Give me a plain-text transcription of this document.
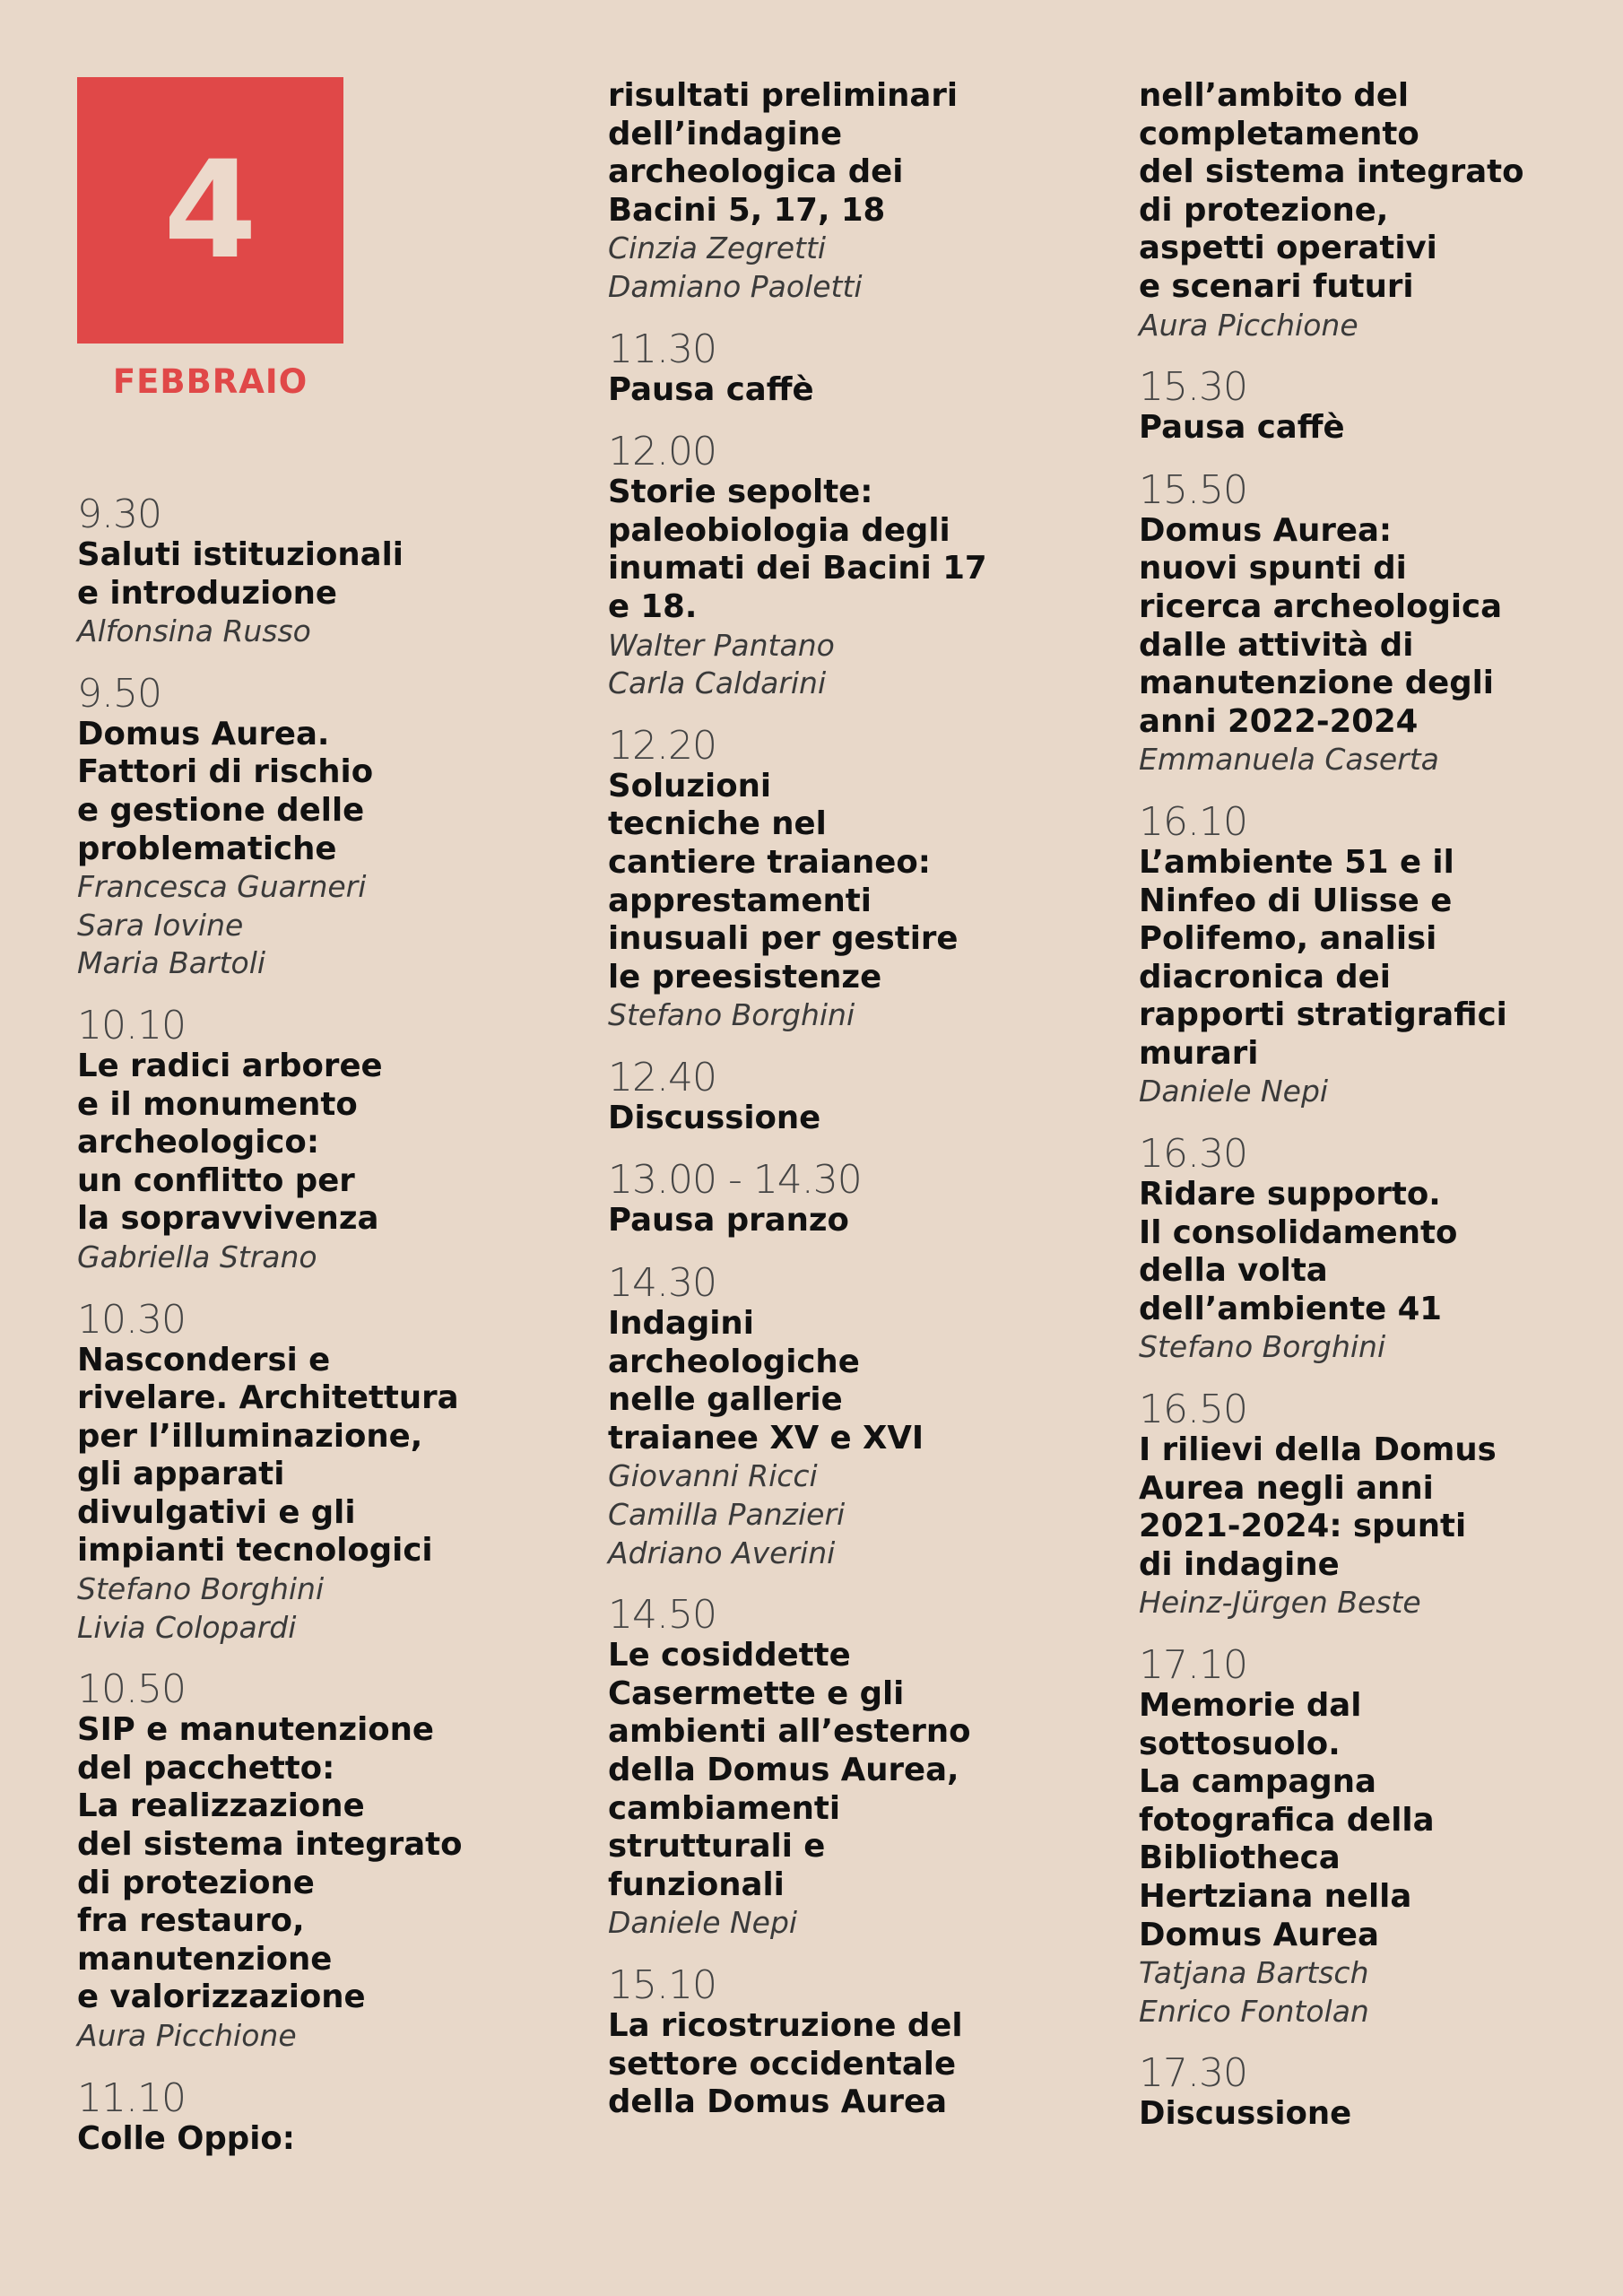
4
FEBBRAIO
9.30
Saluti istituzionali
e introduzione
Alfonsina Russo
9.50
Domus Aurea.
Fattori di rischio
e gestione delle
problematiche
Francesca Guarneri
Sara Iovine
Maria Bartoli
10.10
Le radici arboree
e il monumento
archeologico:
un conflitto per
la sopravvivenza
Gabriella Strano
10.30
Nascondersi e
rivelare. Architettura
per l’illuminazione,
gli apparati
divulgativi e gli
impianti tecnologici
Stefano Borghini
Livia Colopardi
10.50
SIP e manutenzione
del pacchetto:
La realizzazione
del sistema integrato
di protezione
fra restauro,
manutenzione
e valorizzazione
Aura Picchione
11.10
Colle Oppio:
risultati preliminari
dell’indagine
archeologica dei
Bacini 5, 17, 18
Cinzia Zegretti
Damiano Paoletti
11.30
Pausa caffè
12.00
Storie sepolte:
paleobiologia degli
inumati dei Bacini 17
e 18.
Walter Pantano
Carla Caldarini
12.20
Soluzioni
tecniche nel
cantiere traianeo:
apprestamenti
inusuali per gestire
le preesistenze
Stefano Borghini
12.40
Discussione
13.00 - 14.30
Pausa pranzo
14.30
Indagini
archeologiche
nelle gallerie
traianee XV e XVI
Giovanni Ricci
Camilla Panzieri
Adriano Averini
14.50
Le cosiddette
Casermette e gli
ambienti all’esterno
della Domus Aurea,
cambiamenti
strutturali e
funzionali
Daniele Nepi
15.10
La ricostruzione del
settore occidentale
della Domus Aurea
nell’ambito del
completamento
del sistema integrato
di protezione,
aspetti operativi
e scenari futuri
Aura Picchione
15.30
Pausa caffè
15.50
Domus Aurea:
nuovi spunti di
ricerca archeologica
dalle attività di
manutenzione degli
anni 2022-2024
Emmanuela Caserta
16.10
L’ambiente 51 e il
Ninfeo di Ulisse e
Polifemo, analisi
diacronica dei
rapporti stratigrafici
murari
Daniele Nepi
16.30
Ridare supporto.
Il consolidamento
della volta
dell’ambiente 41
Stefano Borghini
16.50
I rilievi della Domus
Aurea negli anni
2021-2024: spunti
di indagine
Heinz-Jürgen Beste
17.10
Memorie dal
sottosuolo.
La campagna
fotografica della
Bibliotheca
Hertziana nella
Domus Aurea
Tatjana Bartsch
Enrico Fontolan
17.30
Discussione
